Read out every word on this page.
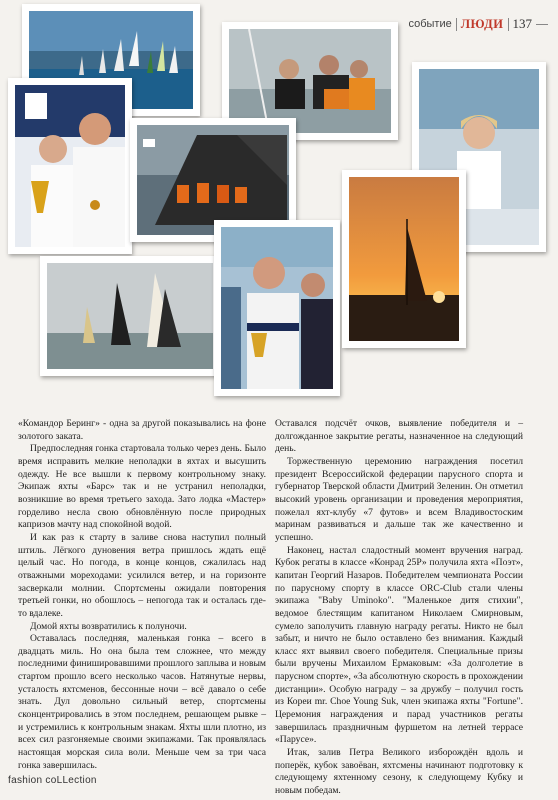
событие ЛЮДИ 137

«Командор Беринг» - одна за другой показывались на фоне золотого заката.

Предпоследняя гонка стартовала только через день. Было время исправить мелкие неполадки в яхтах и высушить одежду. Не все вышли к первому контрольному знаку. Экипаж яхты «Барс» так и не устранил неполадки, возникшие во время третьего захода. Зато лодка «Мастер» горделиво несла свою обновлённую после природных капризов мачту над спокойной водой.

И как раз к старту в заливе снова наступил полный штиль. Лёгкого дуновения ветра пришлось ждать ещё целый час. Но погода, в конце концов, сжалилась над отважными мореходами: усилился ветер, и на горизонте засверкали молнии. Спортсмены ожидали повторения третьей гонки, но обошлось – непогода так и осталась где-то вдалеке.

Домой яхты возвратились к полуночи.

Оставалась последняя, маленькая гонка – всего в двадцать миль. Но она была тем сложнее, что между последними финишировавшими прошлого заплыва и новым стартом прошло всего несколько часов. Натянутые нервы, усталость яхтсменов, бессонные ночи – всё давало о себе знать. Дул довольно сильный ветер, спортсмены сконцентрировались в этом последнем, решающем рывке – и устремились к контрольным знакам. Яхты шли плотно, из всех сил разгоняемые своими экипажами. Так проявлялась настоящая морская сила воли. Меньше чем за три часа гонка завершилась.

Оставался подсчёт очков, выявление победителя и – долгожданное закрытие регаты, назначенное на следующий день.

Торжественную церемонию награждения посетил президент Всероссийской федерации парусного спорта и губернатор Тверской области Дмитрий Зеленин. Он отметил высокий уровень организации и проведения мероприятия, пожелал яхт-клубу «7 футов» и всем Владивостоским маринам развиваться и дальше так же качественно и успешно.

Наконец, настал сладостный момент вручения наград. Кубок регаты в классе «Конрад 25Р» получила яхта «Поэт», капитан Георгий Назаров. Победителем чемпионата России по парусному спорту в классе ORC-Club стали члены экипажа "Baby Uminoko". "Маленькое дитя стихии", ведомое блестящим капитаном Николаем Смирновым, сумело заполучить главную награду регаты. Никто не был забыт, и ничто не было оставлено без внимания. Каждый класс яхт выявил своего победителя. Специальные призы были вручены Михаилом Ермаковым: «За долголетие в парусном спорте», «За абсолютную скорость в прохождении дистанции». Особую награду – за дружбу – получил гость из Кореи mr. Choe Young Suk, член экипажа яхты "Fortune". Церемония награждения и парад участников регаты завершилась праздничным фуршетом на летней террасе «Парусе».

Итак, залив Петра Великого изборождён вдоль и поперёк, кубок завоёван, яхтсмены начинают подготовку к следующему яхтенному сезону, к следующему Кубку и новым победам.

fashion coLLection
